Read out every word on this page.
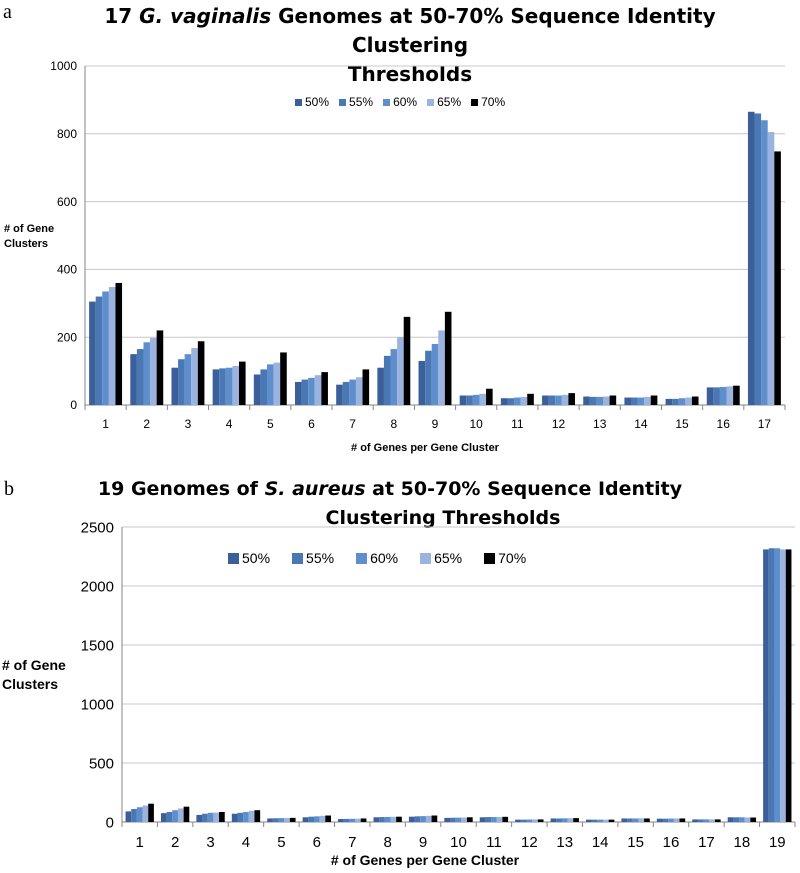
a	17 G. vaginalis Genomes at 50-70% Sequence Identity Clustering
Thresholds
0
200
400
600
800
1000
1	2	3	4	5	6	7	8	9	10 11 12 13 14 15 16 17
50% 55% 60% 65% 70%
# of Gene
Clusters
# of Genes per Gene Cluster
b	19 Genomes of S. aureus at 50-70% Sequence Identity
Clustering Thresholds
0
500
1000
1500
2000
2500
1 2 3 4 5 6 7 8 9 10 11 12 13 14 15 16 17 18 19
50%	55%	60%	65%	70%
# of Gene
Clusters
# of Genes per Gene Cluster
